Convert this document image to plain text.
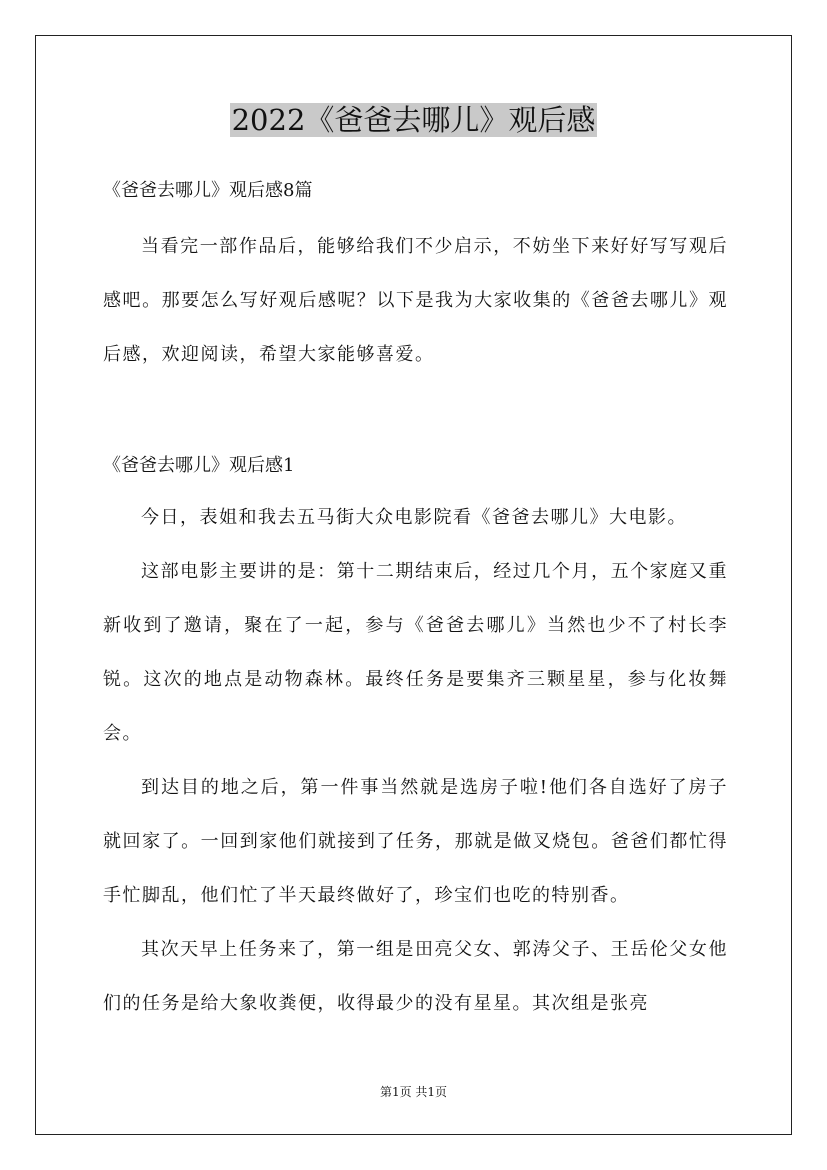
2022《爸爸去哪儿》观后感
《爸爸去哪儿》观后感8篇

当看完一部作品后，能够给我们不少启示，不妨坐下来好好写写观后感吧。那要怎么写好观后感呢？以下是我为大家收集的《爸爸去哪儿》观后感，欢迎阅读，希望大家能够喜爱。

《爸爸去哪儿》观后感1

今日，表姐和我去五马街大众电影院看《爸爸去哪儿》大电影。

这部电影主要讲的是：第十二期结束后，经过几个月，五个家庭又重新收到了邀请，聚在了一起，参与《爸爸去哪儿》当然也少不了村长李锐。这次的地点是动物森林。最终任务是要集齐三颗星星，参与化妆舞会。

到达目的地之后，第一件事当然就是选房子啦!他们各自选好了房子就回家了。一回到家他们就接到了任务，那就是做叉烧包。爸爸们都忙得手忙脚乱，他们忙了半天最终做好了，珍宝们也吃的特别香。

其次天早上任务来了，第一组是田亮父女、郭涛父子、王岳伦父女他们的任务是给大象收粪便，收得最少的没有星星。其次组是张亮

第1页 共1页
